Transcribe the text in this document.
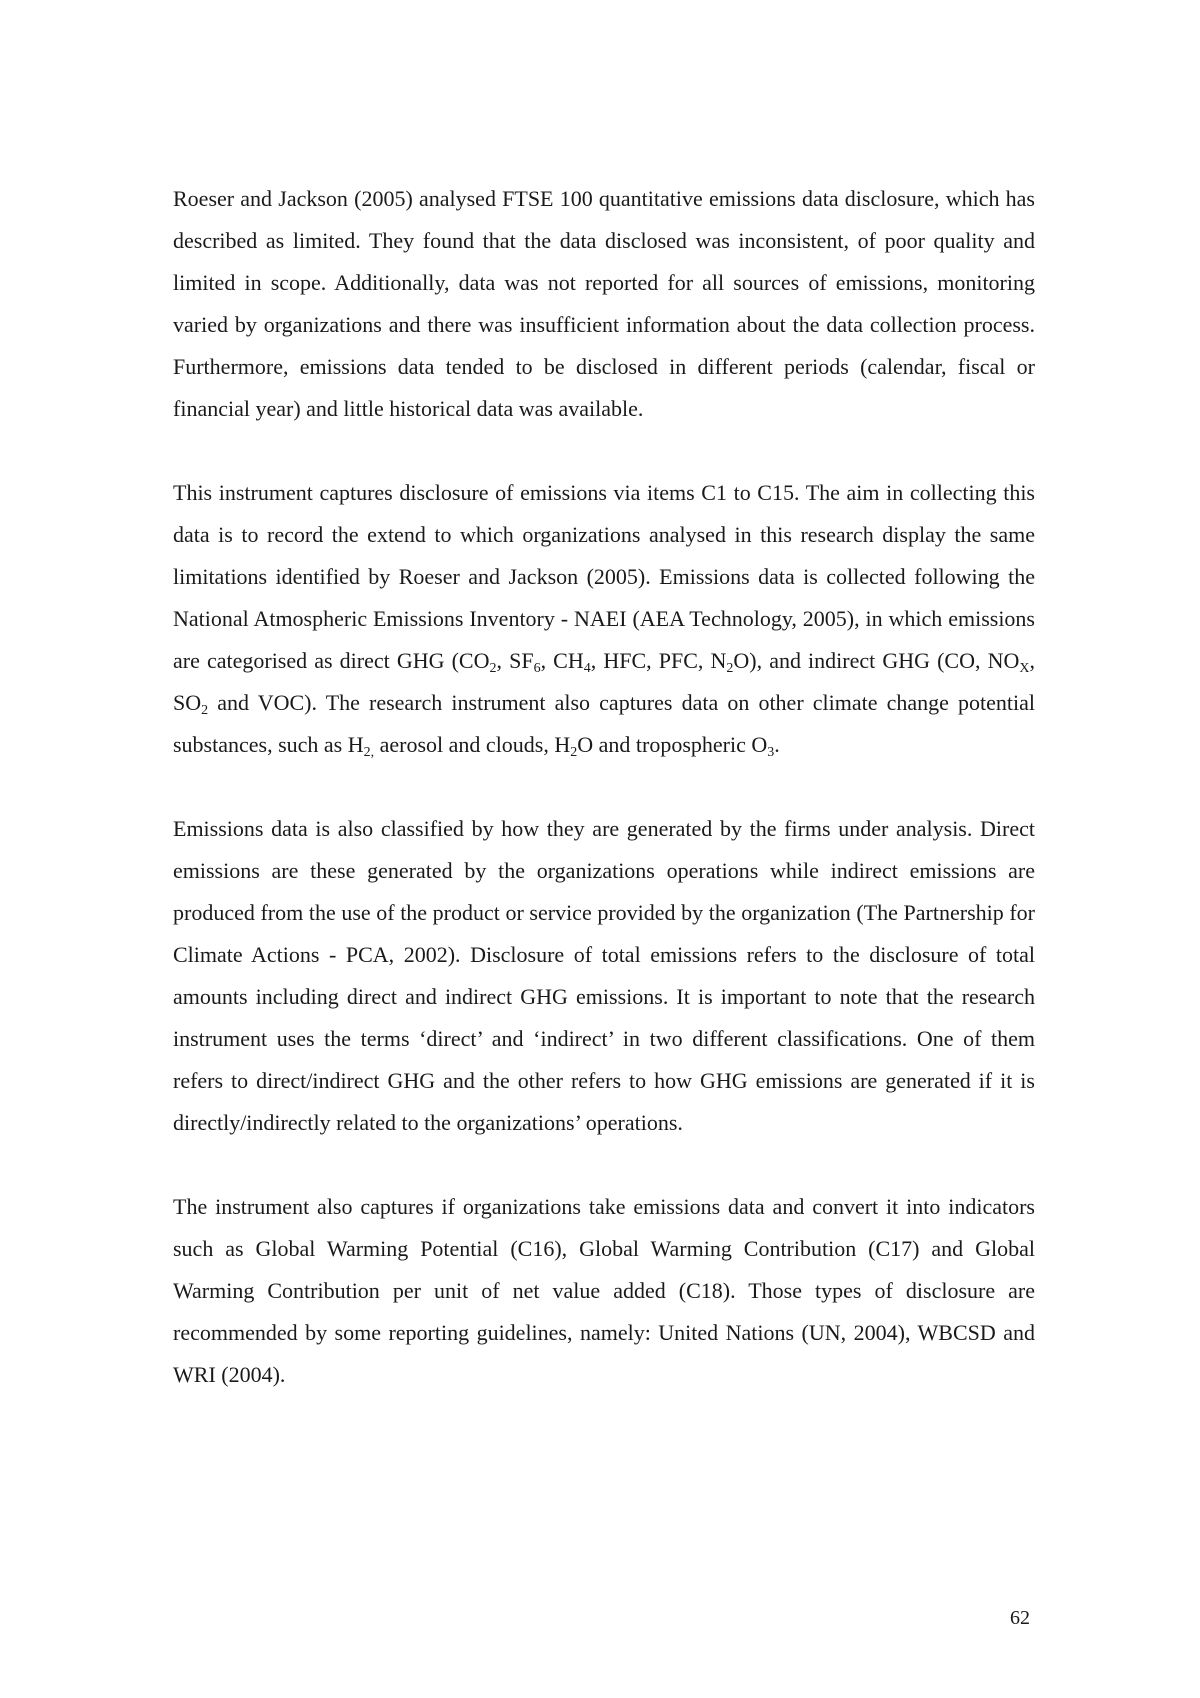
Roeser and Jackson (2005) analysed FTSE 100 quantitative emissions data disclosure, which has described as limited. They found that the data disclosed was inconsistent, of poor quality and limited in scope. Additionally, data was not reported for all sources of emissions, monitoring varied by organizations and there was insufficient information about the data collection process. Furthermore, emissions data tended to be disclosed in different periods (calendar, fiscal or financial year) and little historical data was available.

This instrument captures disclosure of emissions via items C1 to C15. The aim in collecting this data is to record the extend to which organizations analysed in this research display the same limitations identified by Roeser and Jackson (2005). Emissions data is collected following the National Atmospheric Emissions Inventory - NAEI (AEA Technology, 2005), in which emissions are categorised as direct GHG ($CO_2$, $SF_6$, $CH_4$, HFC, PFC, $N_2O$), and indirect GHG (CO, $NO_X$, $SO_2$ and VOC). The research instrument also captures data on other climate change potential substances, such as $H_{2,}$ aerosol and clouds, $H_2O$ and tropospheric $O_3$.

Emissions data is also classified by how they are generated by the firms under analysis. Direct emissions are these generated by the organizations operations while indirect emissions are produced from the use of the product or service provided by the organization (The Partnership for Climate Actions - PCA, 2002). Disclosure of total emissions refers to the disclosure of total amounts including direct and indirect GHG emissions. It is important to note that the research instrument uses the terms ‘direct’ and ‘indirect’ in two different classifications. One of them refers to direct/indirect GHG and the other refers to how GHG emissions are generated if it is directly/indirectly related to the organizations’ operations.

The instrument also captures if organizations take emissions data and convert it into indicators such as Global Warming Potential (C16), Global Warming Contribution (C17) and Global Warming Contribution per unit of net value added (C18). Those types of disclosure are recommended by some reporting guidelines, namely: United Nations (UN, 2004), WBCSD and WRI (2004).

62
